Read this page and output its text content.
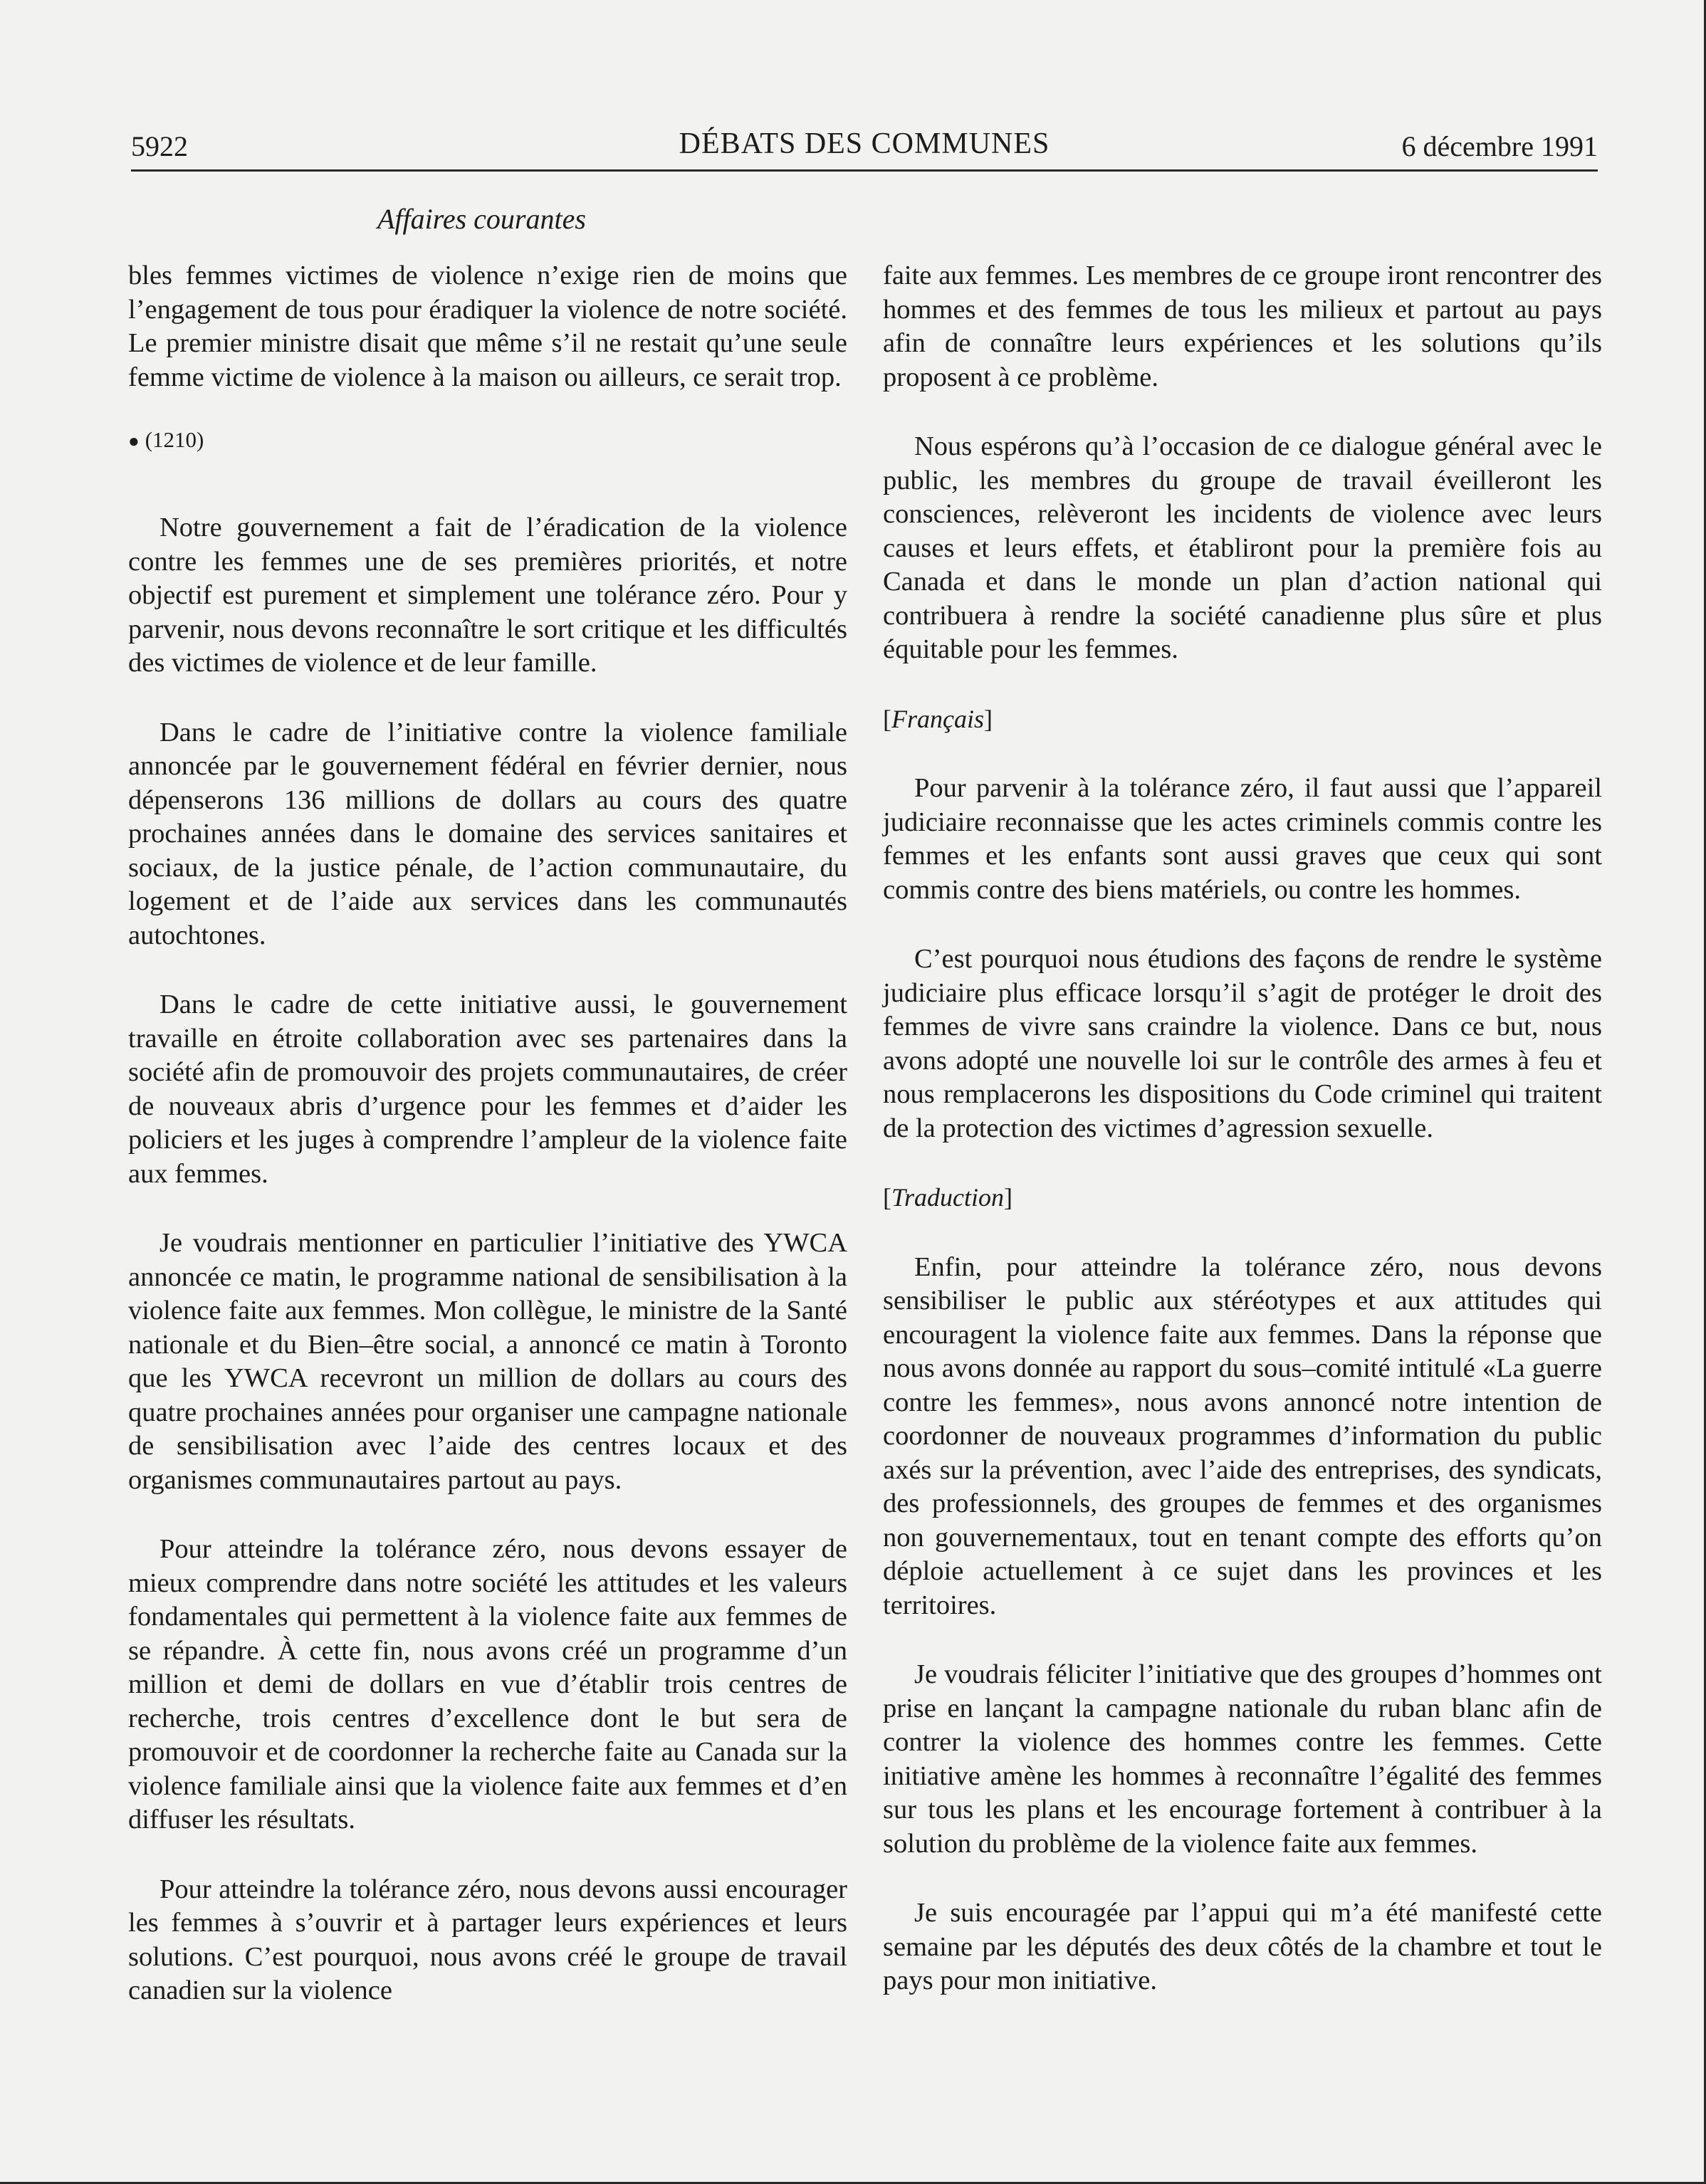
5922	DÉBATS DES COMMUNES	6 décembre 1991
Affaires courantes

bles femmes victimes de violence n’exige rien de moins que l’engagement de tous pour éradiquer la violence de notre société. Le premier ministre disait que même s’il ne restait qu’une seule femme victime de violence à la maison ou ailleurs, ce serait trop.

● (1210)

Notre gouvernement a fait de l’éradication de la violence contre les femmes une de ses premières priorités, et notre objectif est purement et simplement une tolérance zéro. Pour y parvenir, nous devons reconnaître le sort critique et les difficultés des victimes de violence et de leur famille.

Dans le cadre de l’initiative contre la violence familiale annoncée par le gouvernement fédéral en février dernier, nous dépenserons 136 millions de dollars au cours des quatre prochaines années dans le domaine des services sanitaires et sociaux, de la justice pénale, de l’action communautaire, du logement et de l’aide aux services dans les communautés autochtones.

Dans le cadre de cette initiative aussi, le gouvernement travaille en étroite collaboration avec ses partenaires dans la société afin de promouvoir des projets communautaires, de créer de nouveaux abris d’urgence pour les femmes et d’aider les policiers et les juges à comprendre l’ampleur de la violence faite aux femmes.

Je voudrais mentionner en particulier l’initiative des YWCA annoncée ce matin, le programme national de sensibilisation à la violence faite aux femmes. Mon collègue, le ministre de la Santé nationale et du Bien–être social, a annoncé ce matin à Toronto que les YWCA recevront un million de dollars au cours des quatre prochaines années pour organiser une campagne nationale de sensibilisation avec l’aide des centres locaux et des organismes communautaires partout au pays.

Pour atteindre la tolérance zéro, nous devons essayer de mieux comprendre dans notre société les attitudes et les valeurs fondamentales qui permettent à la violence faite aux femmes de se répandre. À cette fin, nous avons créé un programme d’un million et demi de dollars en vue d’établir trois centres de recherche, trois centres d’excellence dont le but sera de promouvoir et de coordonner la recherche faite au Canada sur la violence familiale ainsi que la violence faite aux femmes et d’en diffuser les résultats.

Pour atteindre la tolérance zéro, nous devons aussi encourager les femmes à s’ouvrir et à partager leurs expériences et leurs solutions. C’est pourquoi, nous avons créé le groupe de travail canadien sur la violence

faite aux femmes. Les membres de ce groupe iront rencontrer des hommes et des femmes de tous les milieux et partout au pays afin de connaître leurs expériences et les solutions qu’ils proposent à ce problème.

Nous espérons qu’à l’occasion de ce dialogue général avec le public, les membres du groupe de travail éveilleront les consciences, relèveront les incidents de violence avec leurs causes et leurs effets, et établiront pour la première fois au Canada et dans le monde un plan d’action national qui contribuera à rendre la société canadienne plus sûre et plus équitable pour les femmes.

[Français]

Pour parvenir à la tolérance zéro, il faut aussi que l’appareil judiciaire reconnaisse que les actes criminels commis contre les femmes et les enfants sont aussi graves que ceux qui sont commis contre des biens matériels, ou contre les hommes.

C’est pourquoi nous étudions des façons de rendre le système judiciaire plus efficace lorsqu’il s’agit de protéger le droit des femmes de vivre sans craindre la violence. Dans ce but, nous avons adopté une nouvelle loi sur le contrôle des armes à feu et nous remplacerons les dispositions du Code criminel qui traitent de la protection des victimes d’agression sexuelle.

[Traduction]

Enfin, pour atteindre la tolérance zéro, nous devons sensibiliser le public aux stéréotypes et aux attitudes qui encouragent la violence faite aux femmes. Dans la réponse que nous avons donnée au rapport du sous–comité intitulé «La guerre contre les femmes», nous avons annoncé notre intention de coordonner de nouveaux programmes d’information du public axés sur la prévention, avec l’aide des entreprises, des syndicats, des professionnels, des groupes de femmes et des organismes non gouvernementaux, tout en tenant compte des efforts qu’on déploie actuellement à ce sujet dans les provinces et les territoires.

Je voudrais féliciter l’initiative que des groupes d’hommes ont prise en lançant la campagne nationale du ruban blanc afin de contrer la violence des hommes contre les femmes. Cette initiative amène les hommes à reconnaître l’égalité des femmes sur tous les plans et les encourage fortement à contribuer à la solution du problème de la violence faite aux femmes.

Je suis encouragée par l’appui qui m’a été manifesté cette semaine par les députés des deux côtés de la chambre et tout le pays pour mon initiative.
